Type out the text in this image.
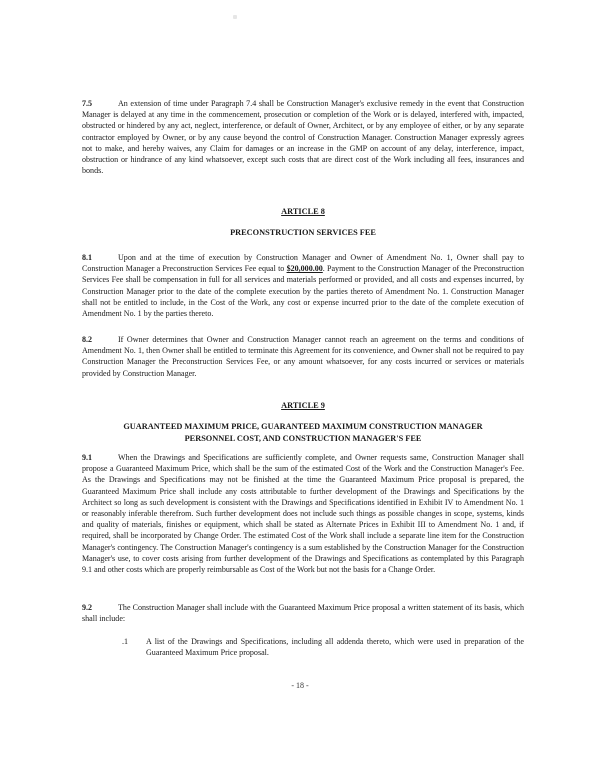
7.5	An extension of time under Paragraph 7.4 shall be Construction Manager's exclusive remedy in the event that Construction Manager is delayed at any time in the commencement, prosecution or completion of the Work or is delayed, interfered with, impacted, obstructed or hindered by any act, neglect, interference, or default of Owner, Architect, or by any employee of either, or by any separate contractor employed by Owner, or by any cause beyond the control of Construction Manager. Construction Manager expressly agrees not to make, and hereby waives, any Claim for damages or an increase in the GMP on account of any delay, interference, impact, obstruction or hindrance of any kind whatsoever, except such costs that are direct cost of the Work including all fees, insurances and bonds.
ARTICLE 8
PRECONSTRUCTION SERVICES FEE
8.1	Upon and at the time of execution by Construction Manager and Owner of Amendment No. 1, Owner shall pay to Construction Manager a Preconstruction Services Fee equal to $20,000.00. Payment to the Construction Manager of the Preconstruction Services Fee shall be compensation in full for all services and materials performed or provided, and all costs and expenses incurred, by Construction Manager prior to the date of the complete execution by the parties thereto of Amendment No. 1. Construction Manager shall not be entitled to include, in the Cost of the Work, any cost or expense incurred prior to the date of the complete execution of Amendment No. 1 by the parties thereto.
8.2	If Owner determines that Owner and Construction Manager cannot reach an agreement on the terms and conditions of Amendment No. 1, then Owner shall be entitled to terminate this Agreement for its convenience, and Owner shall not be required to pay Construction Manager the Preconstruction Services Fee, or any amount whatsoever, for any costs incurred or services or materials provided by Construction Manager.
ARTICLE 9
GUARANTEED MAXIMUM PRICE, GUARANTEED MAXIMUM CONSTRUCTION MANAGER
PERSONNEL COST, AND CONSTRUCTION MANAGER'S FEE
9.1	When the Drawings and Specifications are sufficiently complete, and Owner requests same, Construction Manager shall propose a Guaranteed Maximum Price, which shall be the sum of the estimated Cost of the Work and the Construction Manager's Fee. As the Drawings and Specifications may not be finished at the time the Guaranteed Maximum Price proposal is prepared, the Guaranteed Maximum Price shall include any costs attributable to further development of the Drawings and Specifications by the Architect so long as such development is consistent with the Drawings and Specifications identified in Exhibit IV to Amendment No. 1 or reasonably inferable therefrom. Such further development does not include such things as possible changes in scope, systems, kinds and quality of materials, finishes or equipment, which shall be stated as Alternate Prices in Exhibit III to Amendment No. 1 and, if required, shall be incorporated by Change Order. The estimated Cost of the Work shall include a separate line item for the Construction Manager's contingency. The Construction Manager's contingency is a sum established by the Construction Manager for the Construction Manager's use, to cover costs arising from further development of the Drawings and Specifications as contemplated by this Paragraph 9.1 and other costs which are properly reimbursable as Cost of the Work but not the basis for a Change Order.
9.2	The Construction Manager shall include with the Guaranteed Maximum Price proposal a written statement of its basis, which shall include:
.1	A list of the Drawings and Specifications, including all addenda thereto, which were used in preparation of the Guaranteed Maximum Price proposal.
- 18 -
